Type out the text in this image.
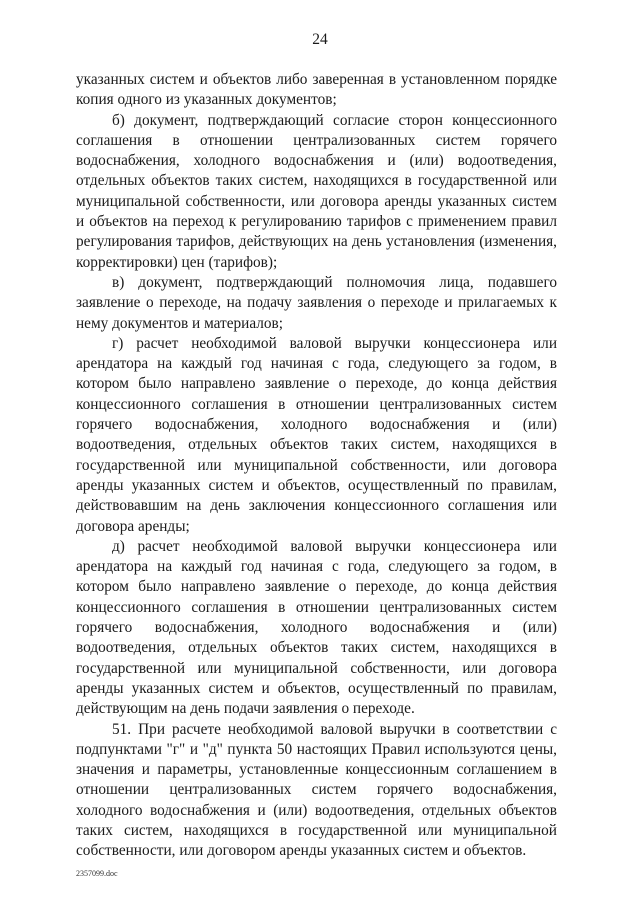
24

указанных систем и объектов либо заверенная в установленном порядке копия одного из указанных документов;

б) документ, подтверждающий согласие сторон концессионного соглашения в отношении централизованных систем горячего водоснабжения, холодного водоснабжения и (или) водоотведения, отдельных объектов таких систем, находящихся в государственной или муниципальной собственности, или договора аренды указанных систем и объектов на переход к регулированию тарифов с применением правил регулирования тарифов, действующих на день установления (изменения, корректировки) цен (тарифов);

в) документ, подтверждающий полномочия лица, подавшего заявление о переходе, на подачу заявления о переходе и прилагаемых к нему документов и материалов;

г) расчет необходимой валовой выручки концессионера или арендатора на каждый год начиная с года, следующего за годом, в котором было направлено заявление о переходе, до конца действия концессионного соглашения в отношении централизованных систем горячего водоснабжения, холодного водоснабжения и (или) водоотведения, отдельных объектов таких систем, находящихся в государственной или муниципальной собственности, или договора аренды указанных систем и объектов, осуществленный по правилам, действовавшим на день заключения концессионного соглашения или договора аренды;

д) расчет необходимой валовой выручки концессионера или арендатора на каждый год начиная с года, следующего за годом, в котором было направлено заявление о переходе, до конца действия концессионного соглашения в отношении централизованных систем горячего водоснабжения, холодного водоснабжения и (или) водоотведения, отдельных объектов таких систем, находящихся в государственной или муниципальной собственности, или договора аренды указанных систем и объектов, осуществленный по правилам, действующим на день подачи заявления о переходе.

51. При расчете необходимой валовой выручки в соответствии с подпунктами "г" и "д" пункта 50 настоящих Правил используются цены, значения и параметры, установленные концессионным соглашением в отношении централизованных систем горячего водоснабжения, холодного водоснабжения и (или) водоотведения, отдельных объектов таких систем, находящихся в государственной или муниципальной собственности, или договором аренды указанных систем и объектов.

2357099.doc
